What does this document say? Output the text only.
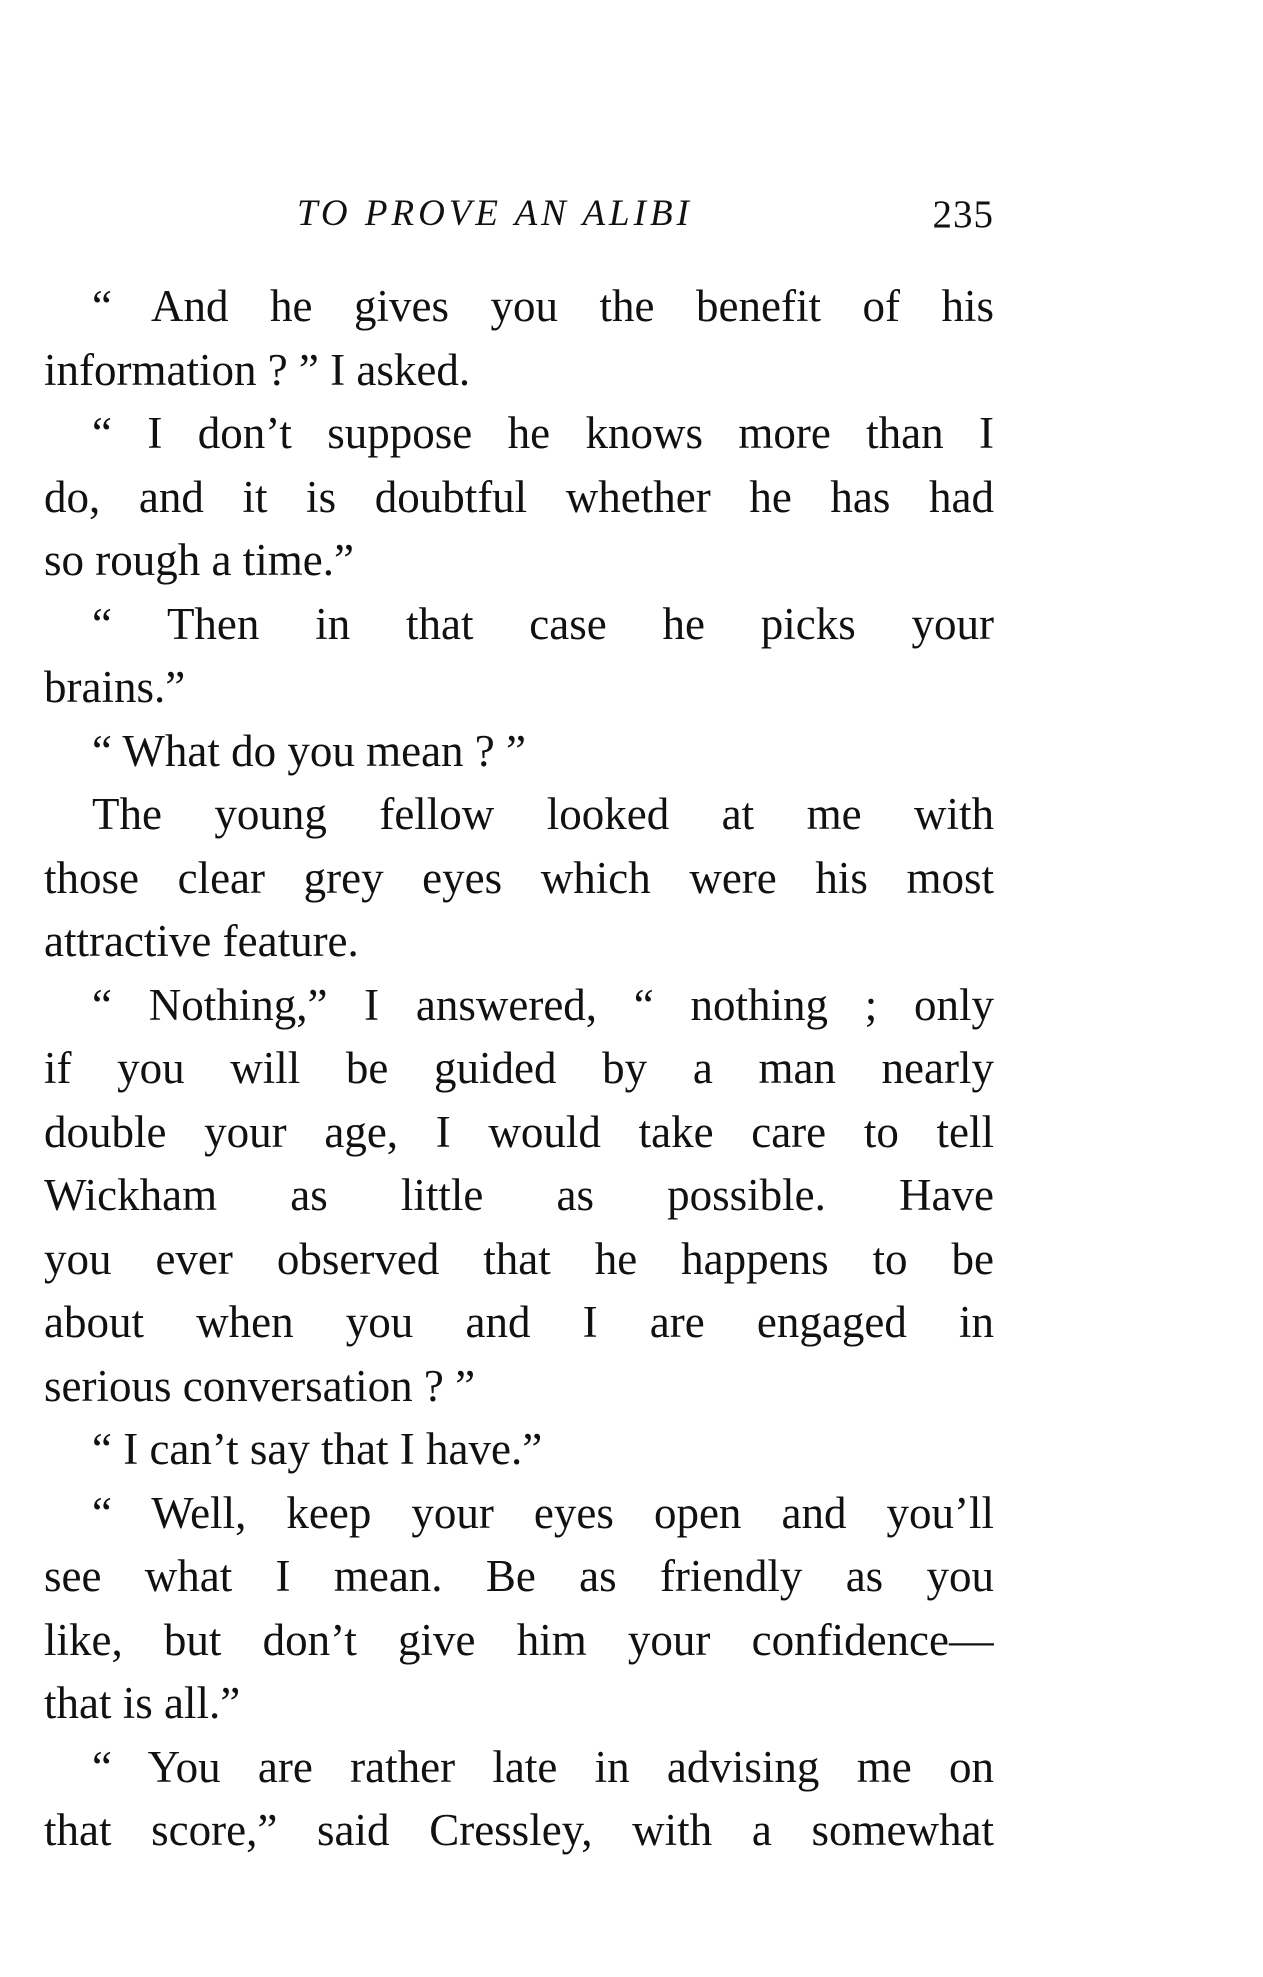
TO PROVE AN ALIBI	235
“ And he gives you the benefit of his
information ? ” I asked.
“ I don’t suppose he knows more than I
do, and it is doubtful whether he has had
so rough a time.”
“ Then in that case he picks your
brains.”
“ What do you mean ? ”
The young fellow looked at me with
those clear grey eyes which were his most
attractive feature.
“ Nothing,” I answered, “ nothing ; only
if you will be guided by a man nearly
double your age, I would take care to tell
Wickham as little as possible. Have
you ever observed that he happens to be
about when you and I are engaged in
serious conversation ? ”
“ I can’t say that I have.”
“ Well, keep your eyes open and you’ll
see what I mean. Be as friendly as you
like, but don’t give him your confidence—
that is all.”
“ You are rather late in advising me on
that score,” said Cressley, with a somewhat
